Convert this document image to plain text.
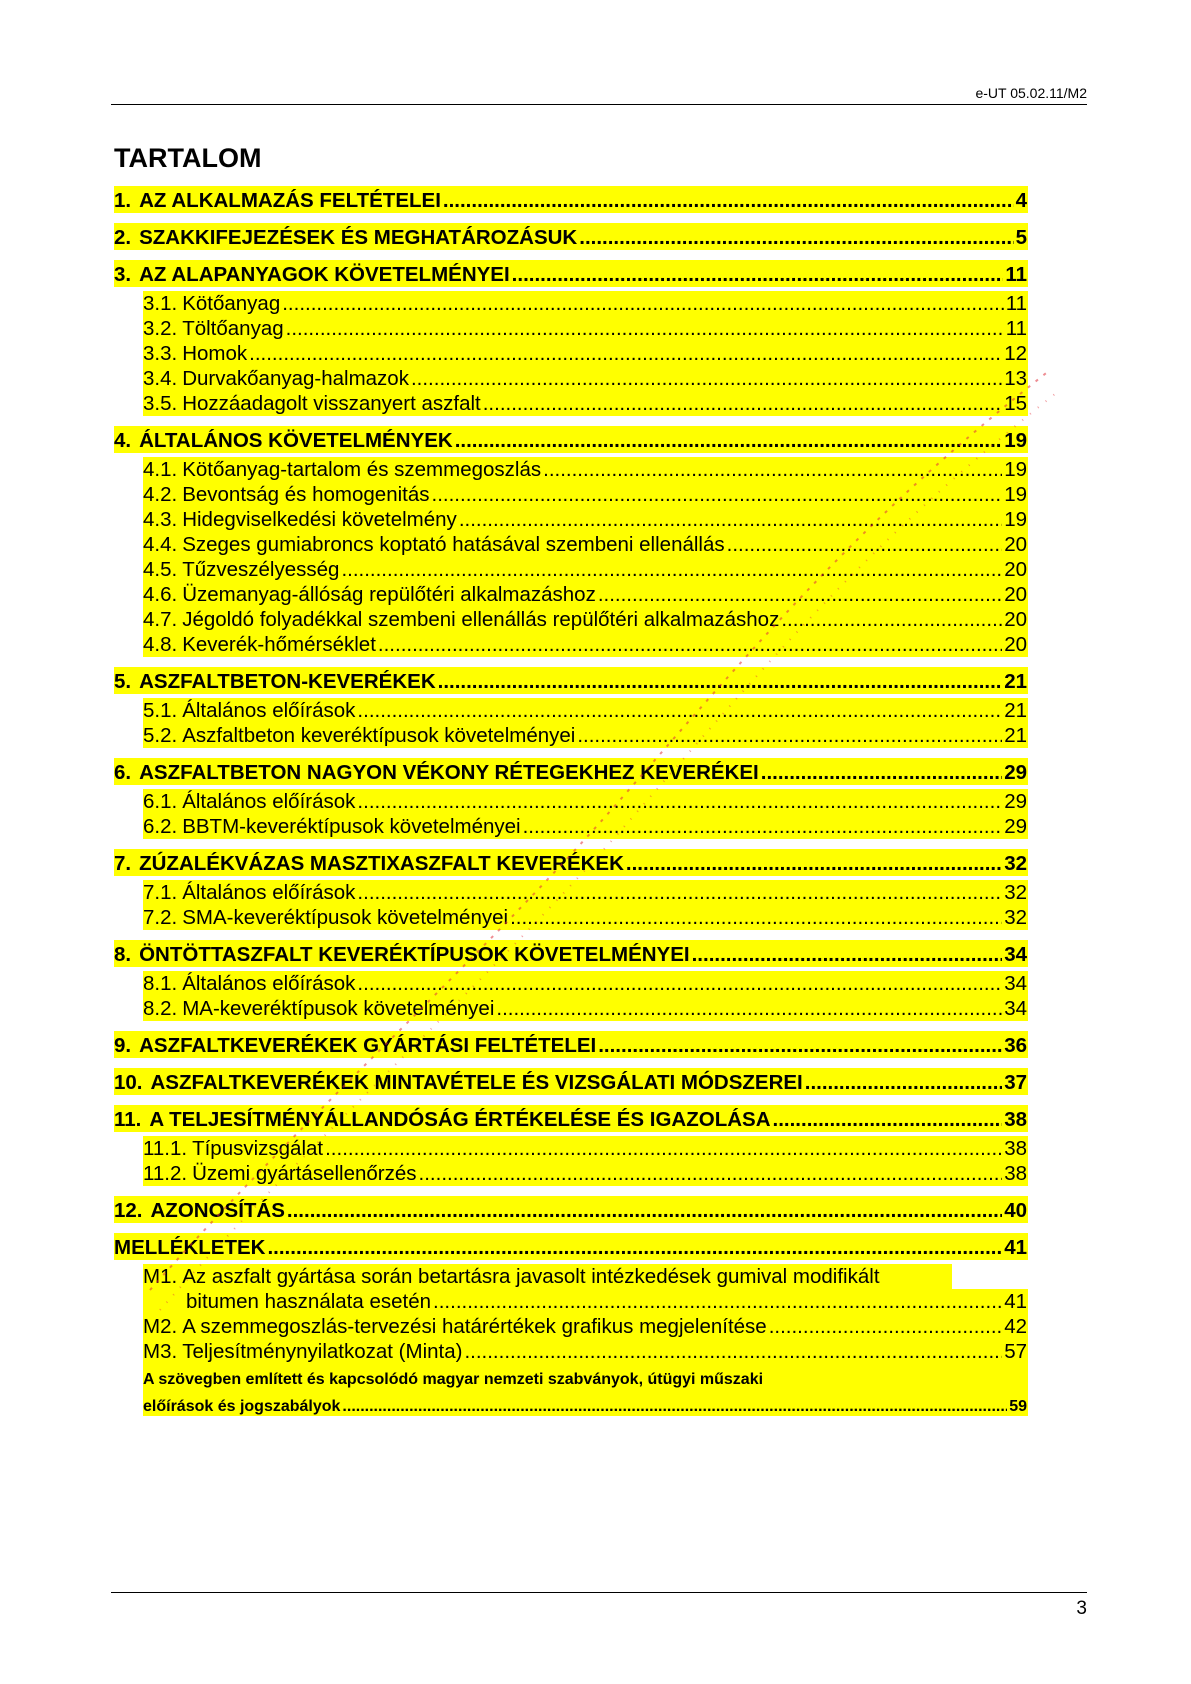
e-UT 05.02.11/M2
TARTALOM
1. AZ ALKALMAZÁS FELTÉTELEI .....	4
2. SZAKKIFEJEZÉSEK ÉS MEGHATÁROZÁSUK .....	5
3. AZ ALAPANYAGOK KÖVETELMÉNYEI .....	11
3.1. Kötőanyag .....	11
3.2. Töltőanyag .....	11
3.3. Homok .....	12
3.4. Durvakőanyag-halmazok .....	13
3.5. Hozzáadagolt visszanyert aszfalt .....	15
4. ÁLTALÁNOS KÖVETELMÉNYEK .....	19
4.1. Kötőanyag-tartalom és szemmegoszlás .....	19
4.2. Bevontság és homogenitás .....	19
4.3. Hidegviselkedési követelmény .....	19
4.4. Szeges gumiabroncs koptató hatásával szembeni ellenállás .....	20
4.5. Tűzveszélyesség .....	20
4.6. Üzemanyag-állóság repülőtéri alkalmazáshoz .....	20
4.7. Jégoldó folyadékkal szembeni ellenállás repülőtéri alkalmazáshoz .....	20
4.8. Keverék-hőmérséklet .....	20
5. ASZFALTBETON-KEVERÉKEK .....	21
5.1. Általános előírások .....	21
5.2. Aszfaltbeton keveréktípusok követelményei .....	21
6. ASZFALTBETON NAGYON VÉKONY RÉTEGEKHEZ KEVERÉKEI .....	29
6.1. Általános előírások .....	29
6.2. BBTM-keveréktípusok követelményei .....	29
7. ZÚZALÉKVÁZAS MASZTIXASZFALT KEVERÉKEK .....	32
7.1. Általános előírások .....	32
7.2. SMA-keveréktípusok követelményei .....	32
8. ÖNTÖTTASZFALT KEVERÉKTÍPUSOK KÖVETELMÉNYEI .....	34
8.1. Általános előírások .....	34
8.2. MA-keveréktípusok követelményei .....	34
9. ASZFALTKEVERÉKEK GYÁRTÁSI FELTÉTELEI .....	36
10. ASZFALTKEVERÉKEK MINTAVÉTELE ÉS VIZSGÁLATI MÓDSZEREI .....	37
11. A TELJESÍTMÉNYÁLLANDÓSÁG ÉRTÉKELÉSE ÉS IGAZOLÁSA .....	38
11.1. Típusvizsgálat .....	38
11.2. Üzemi gyártásellenőrzés .....	38
12. AZONOSÍTÁS .....	40
MELLÉKLETEK .....	41
M1. Az aszfalt gyártása során betartásra javasolt intézkedések gumival modifikált
bitumen használata esetén .....	41
M2. A szemmegoszlás-tervezési határértékek grafikus megjelenítése .....	42
M3. Teljesítménynyilatkozat (Minta) .....	57
A szövegben említett és kapcsolódó magyar nemzeti szabványok, útügyi műszaki
előírások és jogszabályok .....	59
3
